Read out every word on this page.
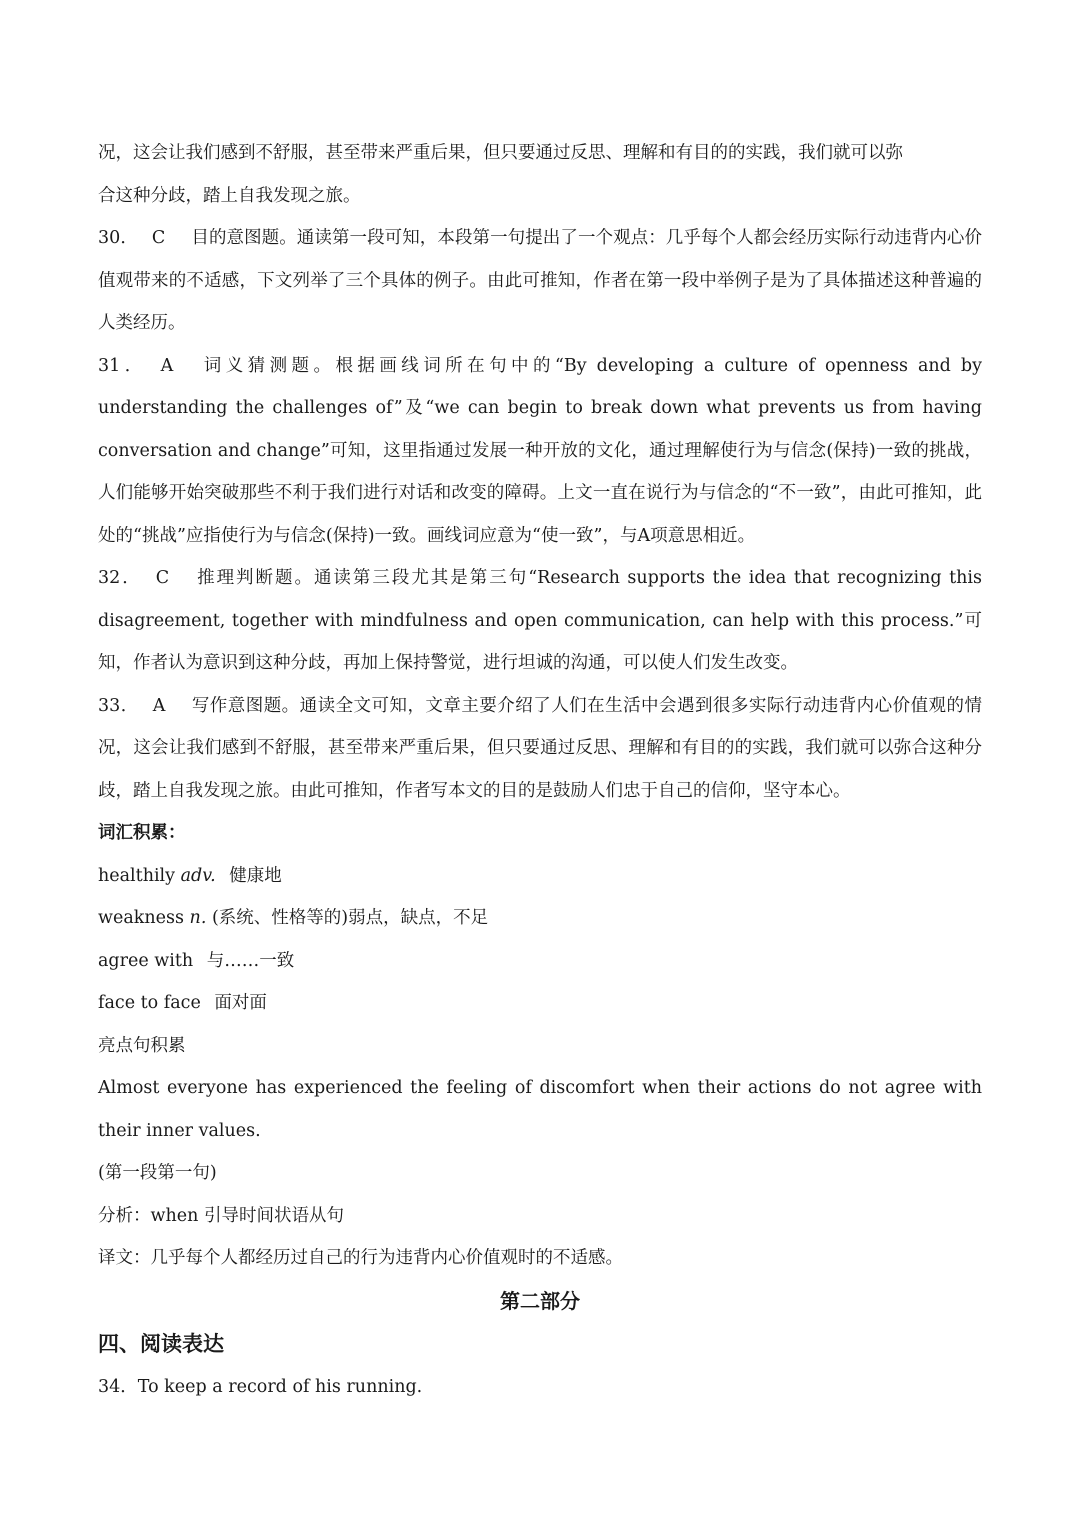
况，这会让我们感到不舒服，甚至带来严重后果，但只要通过反思、理解和有目的的实践，我们就可以弥
合这种分歧，踏上自我发现之旅。

30． C 目的意图题。通读第一段可知，本段第一句提出了一个观点：几乎每个人都会经历实际行动违背内心价值观带来的不适感，下文列举了三个具体的例子。由此可推知，作者在第一段中举例子是为了具体描述这种普遍的人类经历。

31． A 词义猜测题。根据画线词所在句中的“By developing a culture of openness and by understanding the challenges of”及“we can begin to break down what prevents us from having conversation and change”可知，这里指通过发展一种开放的文化，通过理解使行为与信念(保持)一致的挑战，人们能够开始突破那些不利于我们进行对话和改变的障碍。上文一直在说行为与信念的“不一致”，由此可推知，此处的“挑战”应指使行为与信念(保持)一致。画线词应意为“使一致”，与A项意思相近。

32． C 推理判断题。通读第三段尤其是第三句“Research supports the idea that recognizing this disagreement, together with mindfulness and open communication, can help with this process.”可知，作者认为意识到这种分歧，再加上保持警觉，进行坦诚的沟通，可以使人们发生改变。

33． A 写作意图题。通读全文可知，文章主要介绍了人们在生活中会遇到很多实际行动违背内心价值观的情况，这会让我们感到不舒服，甚至带来严重后果，但只要通过反思、理解和有目的的实践，我们就可以弥合这种分歧，踏上自我发现之旅。由此可推知，作者写本文的目的是鼓励人们忠于自己的信仰，坚守本心。

词汇积累：

healthily adv. 健康地

weakness n. (系统、性格等的)弱点，缺点，不足

agree with 与……一致

face to face 面对面

亮点句积累

Almost everyone has experienced the feeling of discomfort when their actions do not agree with their inner values.

(第一段第一句)

分析：when 引导时间状语从句

译文：几乎每个人都经历过自己的行为违背内心价值观时的不适感。

第二部分

四、阅读表达

34．To keep a record of his running.
